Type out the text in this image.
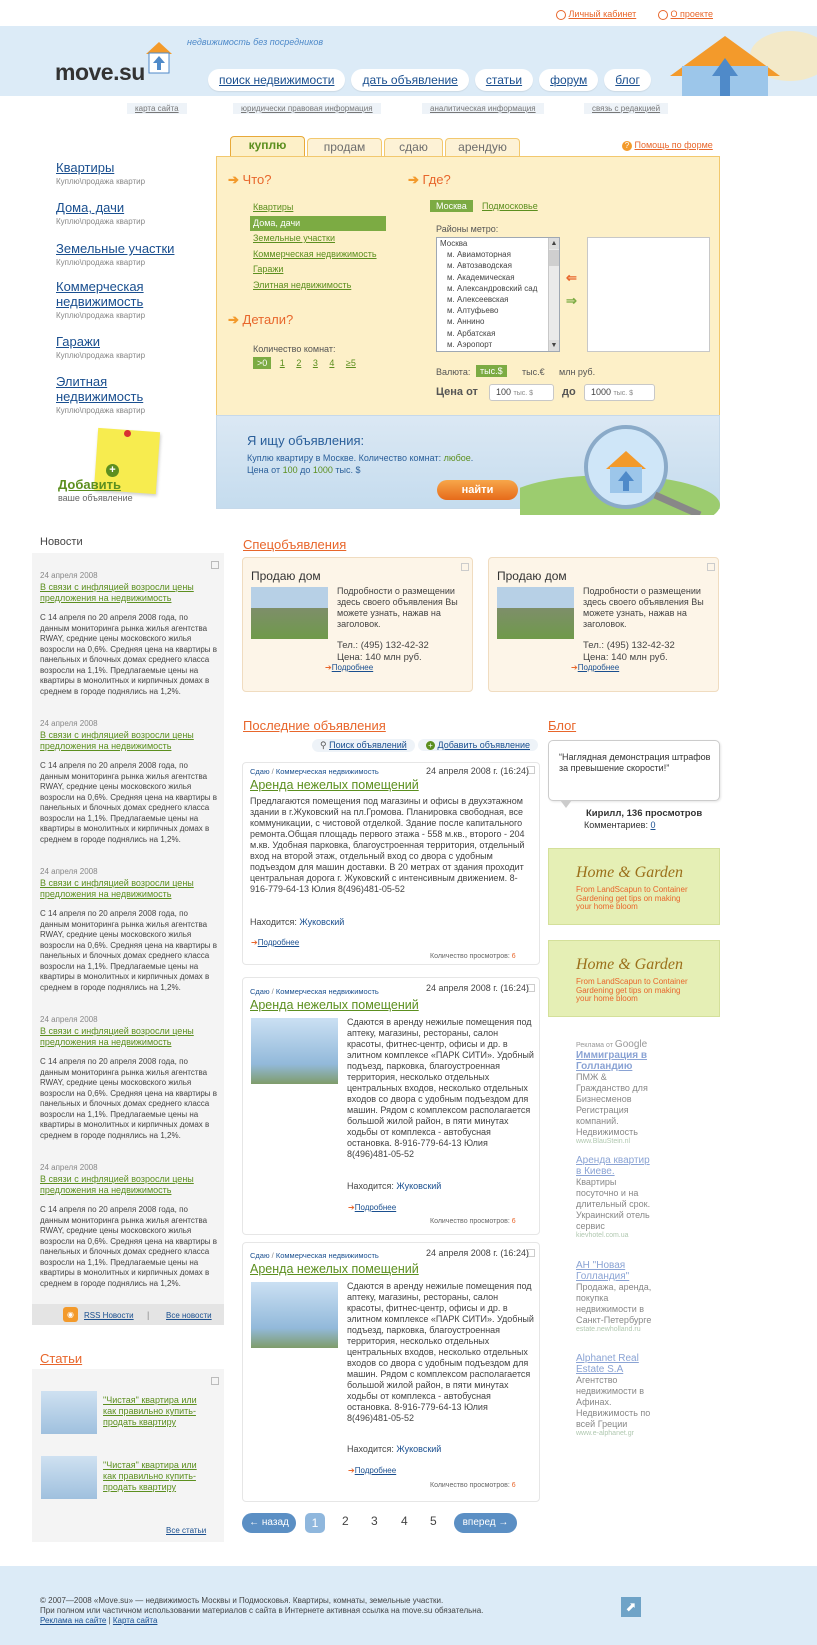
Личный кабинет	О проекте
недвижимость без посредников
move.su	поиск недвижимости дать объявление статьи форум блог
карта сайта	юридически правовая информация	аналитическая информация	связь с редакцией
Квартиры
Куплю\продажа квартир
Дома, дачи
Куплю\продажа квартир
Земельные участки
Куплю\продажа квартир
Коммерческая недвижимость
Куплю\продажа квартир
Гаражи
Куплю\продажа квартир
Элитная недвижимость
Куплю\продажа квартир
+
Добавить
ваше объявление
куплю	продам	сдаю	арендую	? Помощь по форме
➔ Что?
Квартиры
Дома, дачи
Земельные участки
Коммерческая недвижимость
Гаражи
Элитная недвижимость
➔ Детали?
Количество комнат:
>0 1 2 3 4 ≥5
➔ Где?
Москва	Подмосковье
Районы метро:
Москва
м. Авиамоторная
м. Автозаводская
м. Академическая
м. Александровский сад
м. Алексеевская
м. Алтуфьево
м. Аннино
м. Арбатская
м. Аэропорт
▲
▼
⇐
⇒
Валюта:	тыс.$	тыс.€ млн руб.
Цена от	100 тыс. $	до	1000 тыс. $
Я ищу объявления:
Куплю квартиру в Москве. Количество комнат: любое.
Цена от 100 до 1000 тыс. $
найти
Новости
24 апреля 2008
В связи с инфляцией возросли цены предложения на недвижимость
С 14 апреля по 20 апреля 2008 года, по данным мониторинга рынка жилья агентства RWAY, средние цены московского жилья возросли на 0,6%. Средняя цена на квартиры в панельных и блочных домах среднего класса возросли на 1,1%. Предлагаемые цены на квартиры в монолитных и кирпичных домах в среднем в городе поднялись на 1,2%.
24 апреля 2008
В связи с инфляцией возросли цены предложения на недвижимость
С 14 апреля по 20 апреля 2008 года, по данным мониторинга рынка жилья агентства RWAY, средние цены московского жилья возросли на 0,6%. Средняя цена на квартиры в панельных и блочных домах среднего класса возросли на 1,1%. Предлагаемые цены на квартиры в монолитных и кирпичных домах в среднем в городе поднялись на 1,2%.
24 апреля 2008
В связи с инфляцией возросли цены предложения на недвижимость
С 14 апреля по 20 апреля 2008 года, по данным мониторинга рынка жилья агентства RWAY, средние цены московского жилья возросли на 0,6%. Средняя цена на квартиры в панельных и блочных домах среднего класса возросли на 1,1%. Предлагаемые цены на квартиры в монолитных и кирпичных домах в среднем в городе поднялись на 1,2%.
24 апреля 2008
В связи с инфляцией возросли цены предложения на недвижимость
С 14 апреля по 20 апреля 2008 года, по данным мониторинга рынка жилья агентства RWAY, средние цены московского жилья возросли на 0,6%. Средняя цена на квартиры в панельных и блочных домах среднего класса возросли на 1,1%. Предлагаемые цены на квартиры в монолитных и кирпичных домах в среднем в городе поднялись на 1,2%.
24 апреля 2008
В связи с инфляцией возросли цены предложения на недвижимость
С 14 апреля по 20 апреля 2008 года, по данным мониторинга рынка жилья агентства RWAY, средние цены московского жилья возросли на 0,6%. Средняя цена на квартиры в панельных и блочных домах среднего класса возросли на 1,1%. Предлагаемые цены на квартиры в монолитных и кирпичных домах в среднем в городе поднялись на 1,2%.
◉	RSS Новости | Все новости
Статьи
"Чистая" квартира или как правильно купить-продать квартиру
"Чистая" квартира или как правильно купить-продать квартиру
Все статьи
Спецобъявления
Продаю дом
Подробности о размещении здесь своего объявления Вы можете узнать, нажав на заголовок.
Тел.: (495) 132-42-32
Цена: 140 млн руб.
➔Подробнее
Продаю дом
Подробности о размещении здесь своего объявления Вы можете узнать, нажав на заголовок.
Тел.: (495) 132-42-32
Цена: 140 млн руб.
➔Подробнее
Последние объявления
⚲ Поиск объявлений	+ Добавить объявление
Сдаю / Коммерческая недвижимость	24 апреля 2008 г. (16:24)
Аренда нежелых помещений
Предлагаются помещения под магазины и офисы в двухэтажном здании в г.Жуковский на пл.Громова. Планировка свободная, все коммуникации, с чистовой отделкой. Здание после капитального ремонта.Общая площадь первого этажа - 558 м.кв., второго - 204 м.кв. Удобная парковка, благоустроенная территория, отдельный вход на второй этаж, отдельный вход со двора с удобным подъездом для машин доставки. В 20 метрах от здания проходит центральная дорога г. Жуковский с интенсивным движением. 8-916-779-64-13 Юлия 8(496)481-05-52
Находится: Жуковский
➔Подробнее
Количество просмотров: 6
Сдаю / Коммерческая недвижимость	24 апреля 2008 г. (16:24)
Аренда нежелых помещений
Сдаются в аренду нежилые помещения под аптеку, магазины, рестораны, салон красоты, фитнес-центр, офисы и др. в элитном комплексе «ПАРК СИТИ». Удобный подъезд, парковка, благоустроенная территория, несколько отдельных центральных входов, несколько отдельных входов со двора с удобным подъездом для машин. Рядом с комплексом располагается большой жилой район, в пяти минутах ходьбы от комплекса - автобусная остановка. 8-916-779-64-13 Юлия 8(496)481-05-52
Находится: Жуковский
➔Подробнее
Количество просмотров: 6
Сдаю / Коммерческая недвижимость	24 апреля 2008 г. (16:24)
Аренда нежелых помещений
Сдаются в аренду нежилые помещения под аптеку, магазины, рестораны, салон красоты, фитнес-центр, офисы и др. в элитном комплексе «ПАРК СИТИ». Удобный подъезд, парковка, благоустроенная территория, несколько отдельных центральных входов, несколько отдельных входов со двора с удобным подъездом для машин. Рядом с комплексом располагается большой жилой район, в пяти минутах ходьбы от комплекса - автобусная остановка. 8-916-779-64-13 Юлия 8(496)481-05-52
Находится: Жуковский
➔Подробнее
Количество просмотров: 6
← назад	1	2 3 4 5	вперед →
Блог
“Наглядная демонстрация штрафов за превышение скорости!”
Кирилл, 136 просмотров
Комментариев: 0
Home & Garden
From LandScapun to Container Gardening get tips on making your home bloom
Home & Garden
From LandScapun to Container Gardening get tips on making your home bloom
Реклама от Google
Иммиграция в Голландию
ПМЖ & Гражданство для Бизнесменов Регистрация компаний. Недвижимость
www.BlauStein.nl
Аренда квартир в Киеве.
Квартиры посуточно и на длительный срок. Украинский отель сервис
kievhotel.com.ua
АН "Новая Голландия"
Продажа, аренда, покупка недвижимости в Санкт-Петербурге
estate.newholland.ru
Alphanet Real Estate S.A
Агентство недвижимости в Афинах. Недвижимость по всей Греции
www.e-alphanet.gr
© 2007—2008 «Move.su» — недвижимость Москвы и Подмосковья. Квартиры, комнаты, земельные участки.
При полном или частичном использовании материалов с сайта в Интернете активная ссылка на move.su обязательна.
Реклама на сайте | Карта сайта
⬈
